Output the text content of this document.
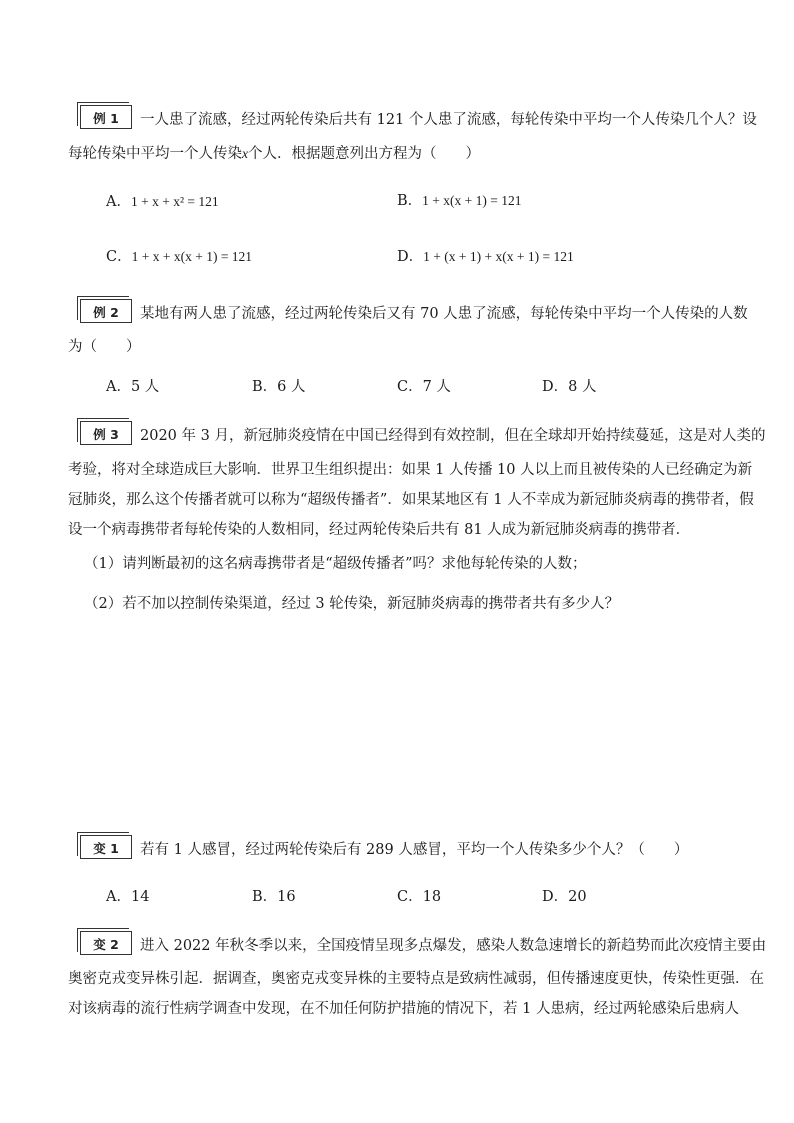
例 1	一人患了流感，经过两轮传染后共有 121 个人患了流感，每轮传染中平均一个人传染几个人？设
每轮传染中平均一个人传染x个人．根据题意列出方程为（　　）
A．1 + x + x² = 121	B．1 + x(x + 1) = 121
C．1 + x + x(x + 1) = 121	D．1 + (x + 1) + x(x + 1) = 121
例 2	某地有两人患了流感，经过两轮传染后又有 70 人患了流感，每轮传染中平均一个人传染的人数
为（　　）
A．5 人	B．6 人	C．7 人	D．8 人
例 3	2020 年 3 月，新冠肺炎疫情在中国已经得到有效控制，但在全球却开始持续蔓延，这是对人类的
考验，将对全球造成巨大影响．世界卫生组织提出：如果 1 人传播 10 人以上而且被传染的人已经确定为新
冠肺炎，那么这个传播者就可以称为“超级传播者”．如果某地区有 1 人不幸成为新冠肺炎病毒的携带者，假
设一个病毒携带者每轮传染的人数相同，经过两轮传染后共有 81 人成为新冠肺炎病毒的携带者．
（1）请判断最初的这名病毒携带者是“超级传播者”吗？求他每轮传染的人数；
（2）若不加以控制传染渠道，经过 3 轮传染，新冠肺炎病毒的携带者共有多少人？
变 1	若有 1 人感冒，经过两轮传染后有 289 人感冒，平均一个人传染多少个人？（　　）
A．14	B．16	C．18	D．20
变 2	进入 2022 年秋冬季以来，全国疫情呈现多点爆发，感染人数急速增长的新趋势而此次疫情主要由
奥密克戎变异株引起．据调查，奥密克戎变异株的主要特点是致病性减弱，但传播速度更快，传染性更强．在
对该病毒的流行性病学调查中发现，在不加任何防护措施的情况下，若 1 人患病，经过两轮感染后患病人
